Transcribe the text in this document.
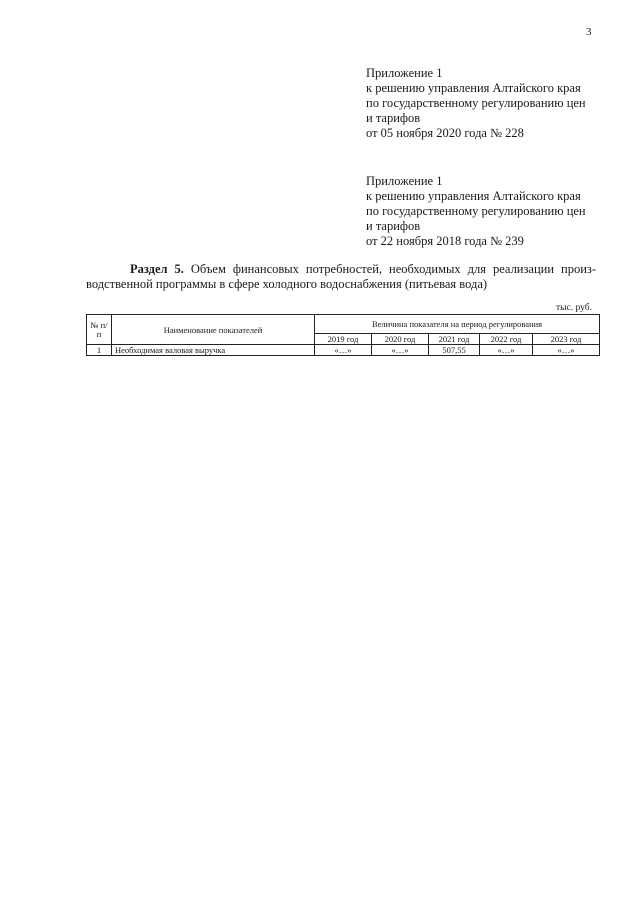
3
Приложение 1
к решению управления Алтайского края
по государственному регулированию цен
и тарифов
от 05 ноября 2020 года № 228
Приложение 1
к решению управления Алтайского края
по государственному регулированию цен
и тарифов
от 22 ноября 2018 года № 239
Раздел 5. Объем финансовых потребностей, необходимых для реализации произ-
водственной программы в сфере холодного водоснабжения (питьевая вода)
тыс. руб.
№ п/п	Наименование показателей	Величина показателя на период регулирования				
		2019 год	2020 год	2021 год	2022 год	2023 год
1	Необходимая валовая выручка	«…»	«…»	507,55	«…»	«…»
